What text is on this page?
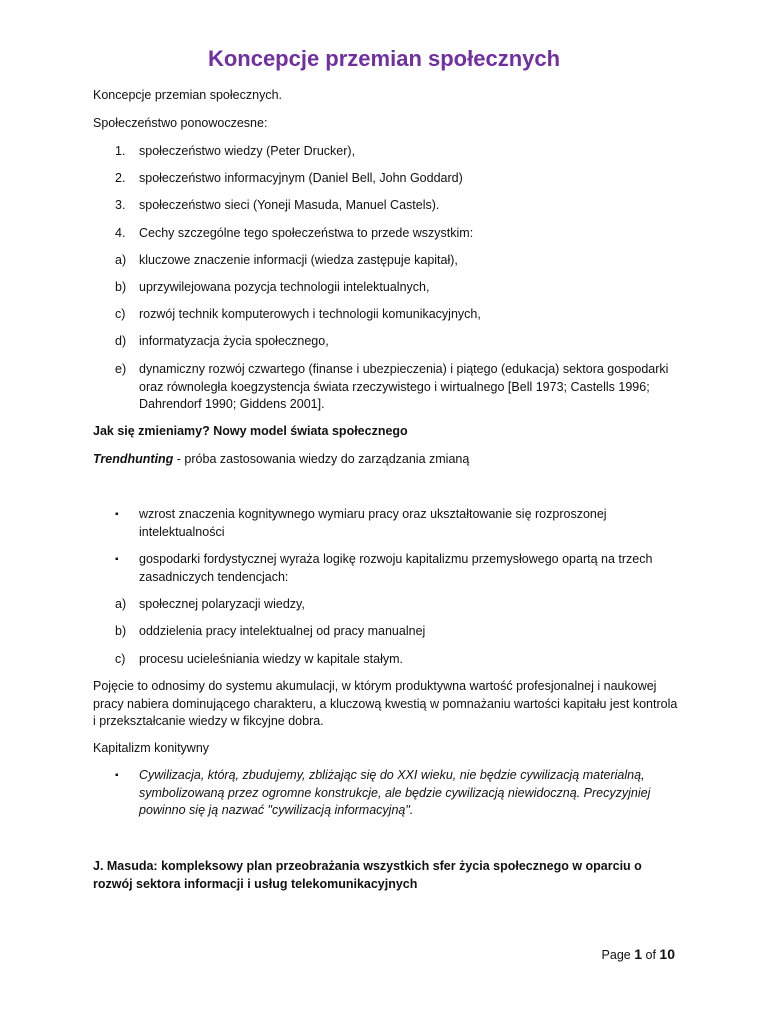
Koncepcje przemian społecznych
Koncepcje przemian społecznych.
Społeczeństwo ponowoczesne:
1.	społeczeństwo wiedzy (Peter Drucker),
2.	społeczeństwo informacyjnym (Daniel Bell, John Goddard)
3.	społeczeństwo sieci (Yoneji Masuda, Manuel Castels).
4.	Cechy szczególne tego społeczeństwa to przede wszystkim:
a)	kluczowe znaczenie informacji (wiedza zastępuje kapitał),
b)	uprzywilejowana pozycja technologii intelektualnych,
c)	rozwój technik komputerowych i technologii komunikacyjnych,
d)	informatyzacja życia społecznego,
e)	dynamiczny rozwój czwartego (finanse i ubezpieczenia) i piątego (edukacja) sektora gospodarki oraz równoległa koegzystencja świata rzeczywistego i wirtualnego [Bell 1973; Castells 1996; Dahrendorf 1990; Giddens 2001].
Jak się zmieniamy? Nowy model świata społecznego
Trendhunting - próba zastosowania wiedzy do zarządzania zmianą
▪	wzrost znaczenia kognitywnego wymiaru pracy oraz ukształtowanie się rozproszonej intelektualności
▪	gospodarki fordystycznej wyraża logikę rozwoju kapitalizmu przemysłowego opartą na trzech zasadniczych tendencjach:
a)	społecznej polaryzacji wiedzy,
b)	oddzielenia pracy intelektualnej od pracy manualnej
c)	procesu ucieleśniania wiedzy w kapitale stałym.
Pojęcie to odnosimy do systemu akumulacji, w którym produktywna wartość profesjonalnej i naukowej pracy nabiera dominującego charakteru, a kluczową kwestią w pomnażaniu wartości kapitału jest kontrola i przekształcanie wiedzy w fikcyjne dobra.
Kapitalizm konitywny
▪	Cywilizacja, którą, zbudujemy, zbliżając się do XXI wieku, nie będzie cywilizacją materialną, symbolizowaną przez ogromne konstrukcje, ale będzie cywilizacją niewidoczną. Precyzyjniej powinno się ją nazwać "cywilizacją informacyjną".
J. Masuda: kompleksowy plan przeobrażania wszystkich sfer życia społecznego w oparciu o rozwój sektora informacji i usług telekomunikacyjnych
Page 1 of 10
